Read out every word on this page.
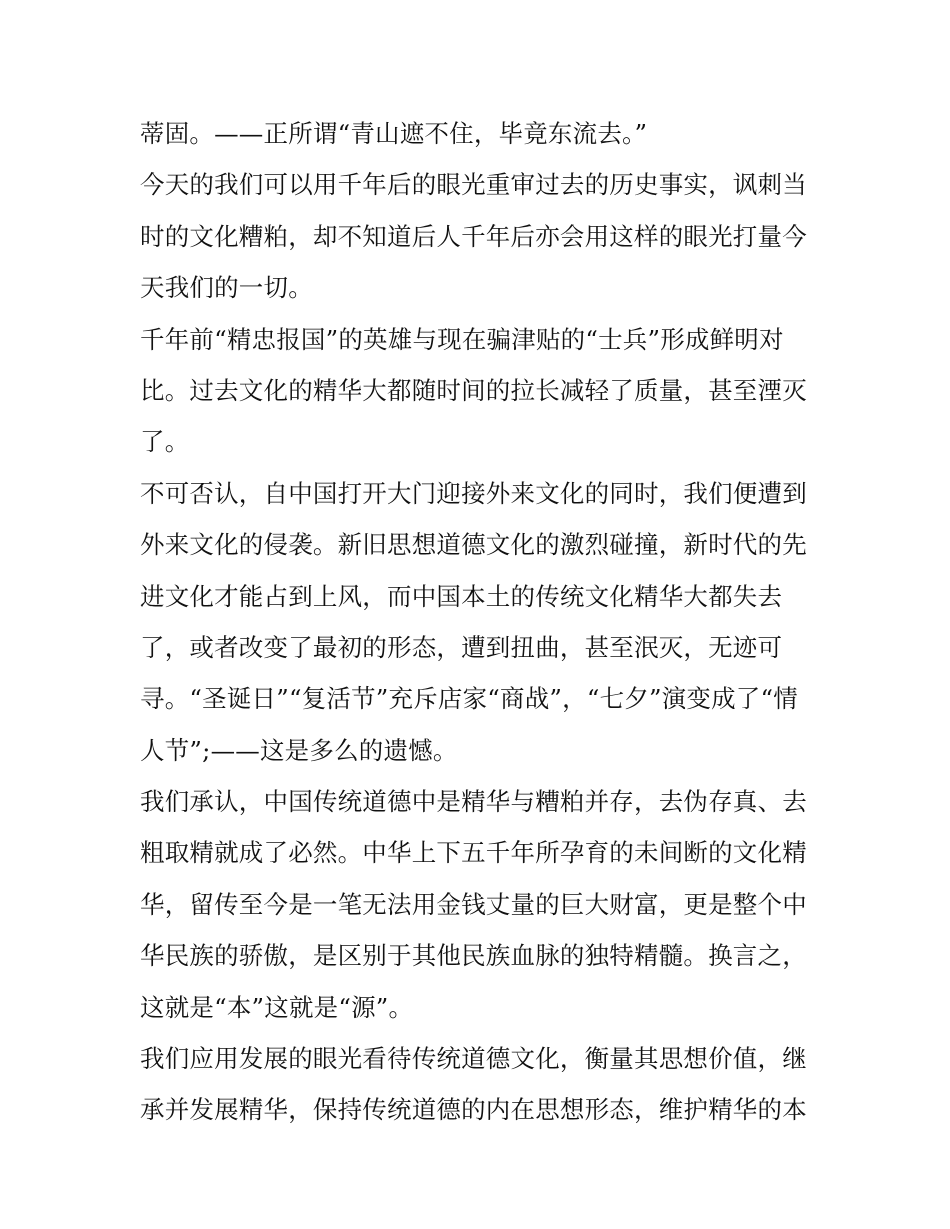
蒂固。——正所谓“青山遮不住，毕竟东流去。”
今天的我们可以用千年后的眼光重审过去的历史事实，讽刺当
时的文化糟粕，却不知道后人千年后亦会用这样的眼光打量今
天我们的一切。
千年前“精忠报国”的英雄与现在骗津贴的“士兵”形成鲜明对
比。过去文化的精华大都随时间的拉长减轻了质量，甚至湮灭
了。
不可否认，自中国打开大门迎接外来文化的同时，我们便遭到
外来文化的侵袭。新旧思想道德文化的激烈碰撞，新时代的先
进文化才能占到上风，而中国本土的传统文化精华大都失去
了，或者改变了最初的形态，遭到扭曲，甚至泯灭，无迹可
寻。“圣诞日”“复活节”充斥店家“商战”，“七夕”演变成了“情
人节”;——这是多么的遗憾。
我们承认，中国传统道德中是精华与糟粕并存，去伪存真、去
粗取精就成了必然。中华上下五千年所孕育的未间断的文化精
华，留传至今是一笔无法用金钱丈量的巨大财富，更是整个中
华民族的骄傲，是区别于其他民族血脉的独特精髓。换言之，
这就是“本”这就是“源”。
我们应用发展的眼光看待传统道德文化，衡量其思想价值，继
承并发展精华，保持传统道德的内在思想形态，维护精华的本
